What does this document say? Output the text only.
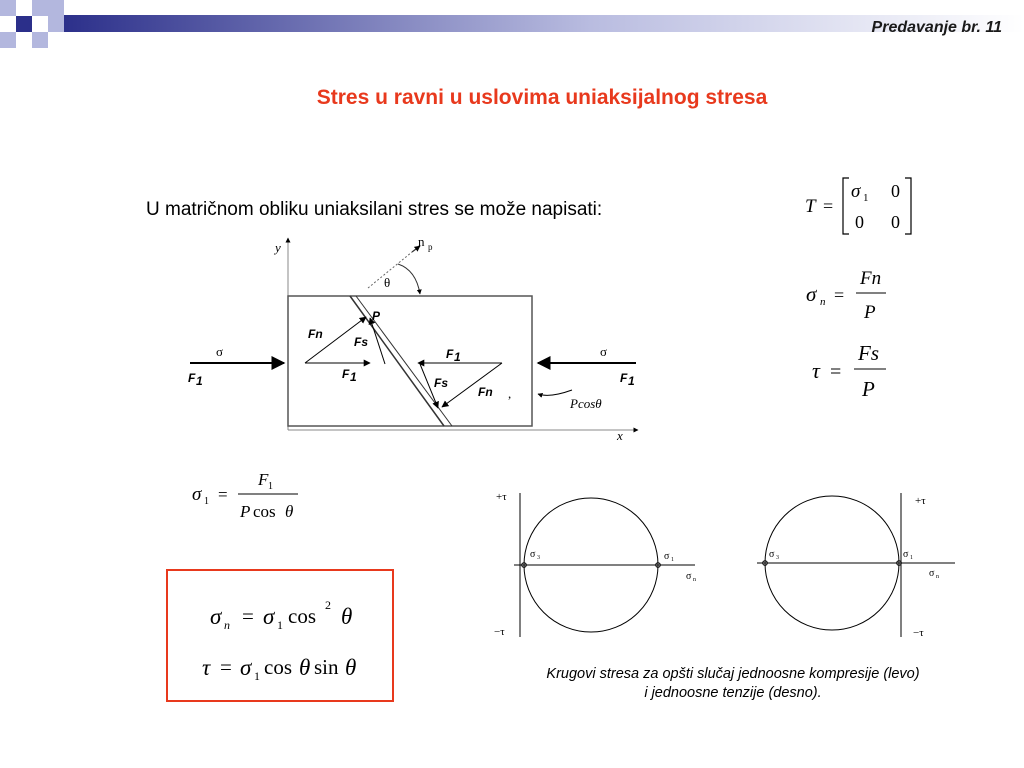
Predavanje br. 11
Stres u ravni u uslovima uniaksijalnog stresa
U matričnom obliku uniaksilani stres se može napisati:	T =
σ 1 0
0 0
σ n =
Fn
P
τ =
Fs
P
y
x
n p
θ
σ
F 1
σ
F 1
Fn
Fs
P
F 1
F 1
Fs
Fn ,
Pcosθ
σ 1 =
F 1
P cos θ
σ n = σ 1 cos 2 θ
τ = σ 1 cos θ sin θ
+τ
−τ
σ 3	σ 1
σ n
+τ
−τ
σ 3	σ 1
σ n
Krugovi stresa za opšti slučaj jednoosne kompresije (levo)
i jednoosne tenzije (desno).
